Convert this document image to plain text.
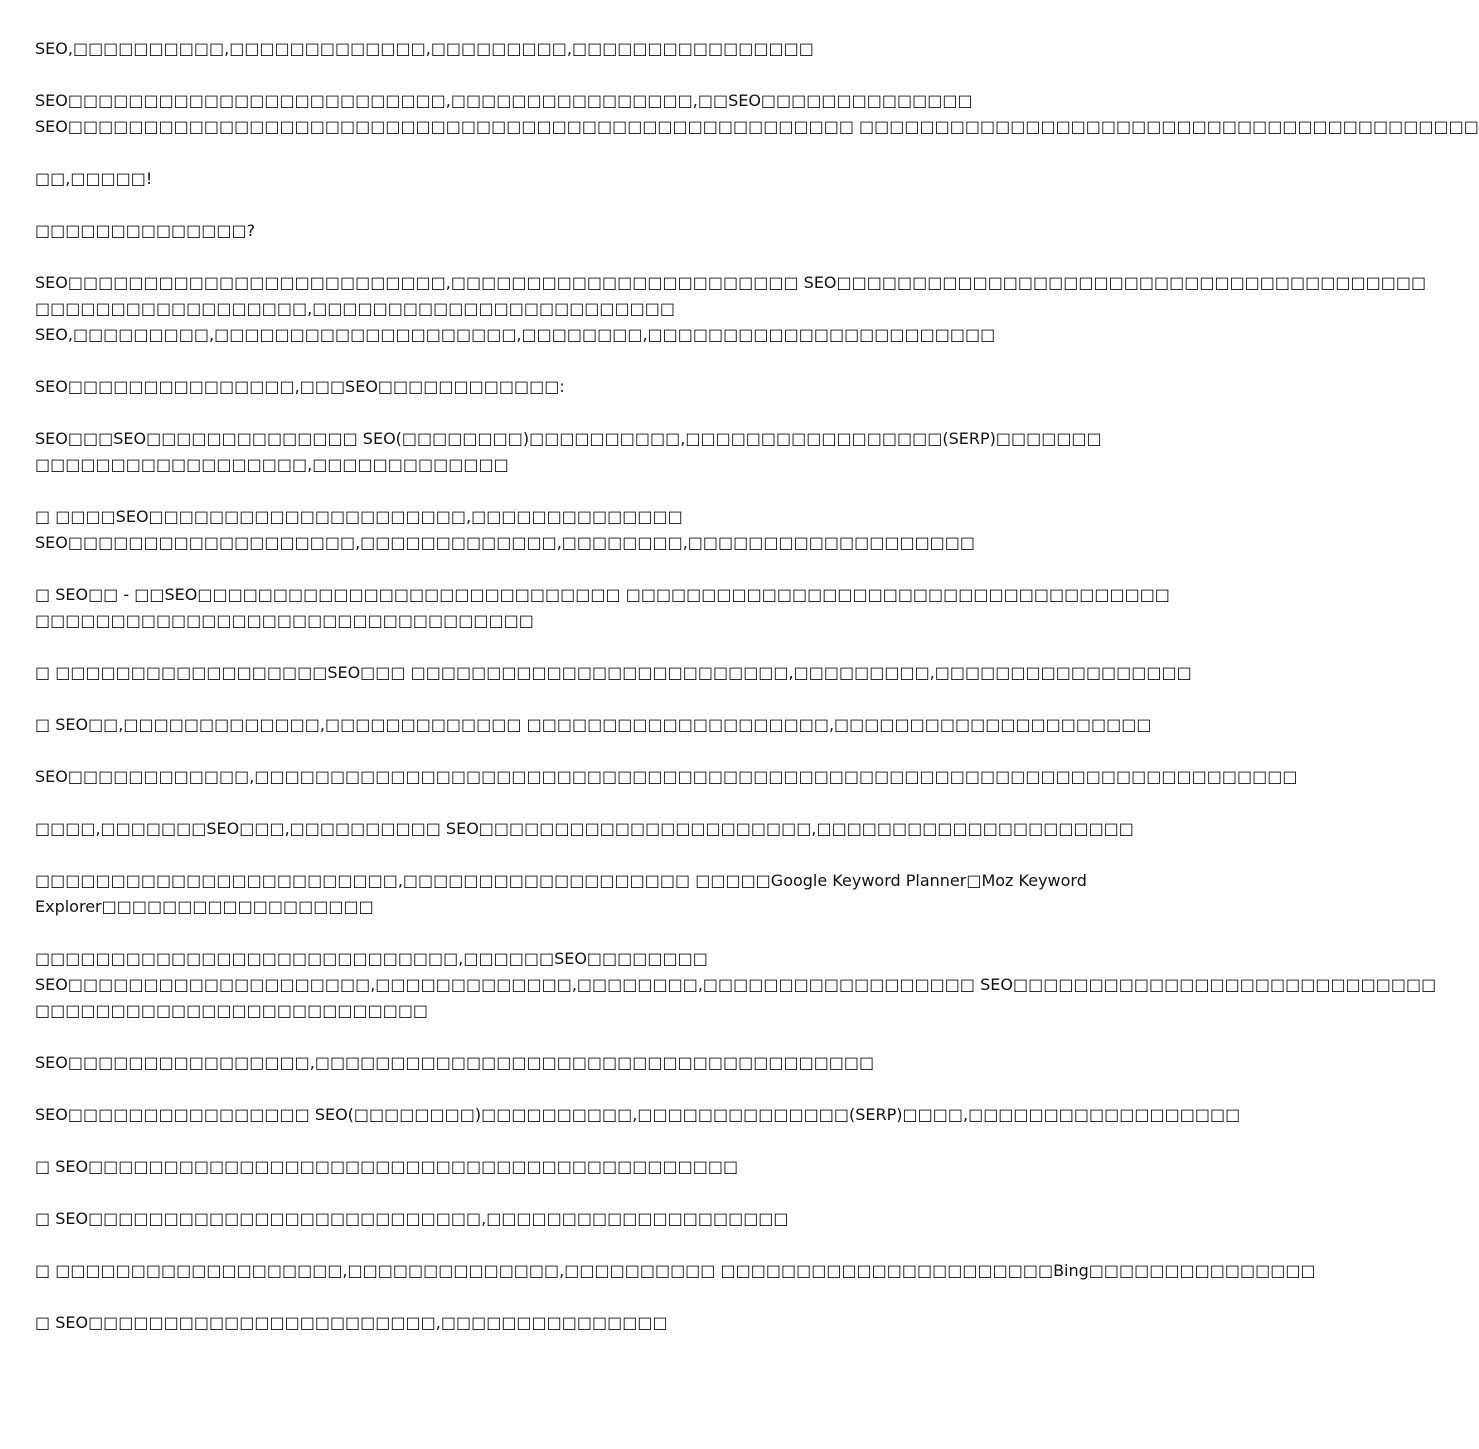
SEO,□□□□□□□□□□,□□□□□□□□□□□□□,□□□□□□□□□,□□□□□□□□□□□□□□□□
SEO□□□□□□□□□□□□□□□□□□□□□□□□□,□□□□□□□□□□□□□□□□,□□SEO□□□□□□□□□□□□□□
SEO□□□□□□□□□□□□□□□□□□□□□□□□□□□□□□□□□□□□□□□□□□□□□□□□□□□□ □□□□□□□□□□□□□□□□□□□□□□□□□□□□□□□□□□□□□□□□□
□□,□□□□□!
□□□□□□□□□□□□□□?
SEO□□□□□□□□□□□□□□□□□□□□□□□□□,□□□□□□□□□□□□□□□□□□□□□□□ SEO□□□□□□□□□□□□□□□□□□□□□□□□□□□□□□□□□□□□□□□
□□□□□□□□□□□□□□□□□□,□□□□□□□□□□□□□□□□□□□□□□□□
SEO,□□□□□□□□□,□□□□□□□□□□□□□□□□□□□□,□□□□□□□□,□□□□□□□□□□□□□□□□□□□□□□□
SEO□□□□□□□□□□□□□□□,□□□SEO□□□□□□□□□□□□:
SEO□□□SEO□□□□□□□□□□□□□□ SEO(□□□□□□□□)□□□□□□□□□□,□□□□□□□□□□□□□□□□□(SERP)□□□□□□□
□□□□□□□□□□□□□□□□□□,□□□□□□□□□□□□□
□ □□□□SEO□□□□□□□□□□□□□□□□□□□□□,□□□□□□□□□□□□□□
SEO□□□□□□□□□□□□□□□□□□□,□□□□□□□□□□□□□,□□□□□□□□,□□□□□□□□□□□□□□□□□□□
□ SEO□□ - □□SEO□□□□□□□□□□□□□□□□□□□□□□□□□□□□ □□□□□□□□□□□□□□□□□□□□□□□□□□□□□□□□□□□□
□□□□□□□□□□□□□□□□□□□□□□□□□□□□□□□□□
□ □□□□□□□□□□□□□□□□□□SEO□□□ □□□□□□□□□□□□□□□□□□□□□□□□□,□□□□□□□□□,□□□□□□□□□□□□□□□□□
□ SEO□□,□□□□□□□□□□□□□,□□□□□□□□□□□□□ □□□□□□□□□□□□□□□□□□□□,□□□□□□□□□□□□□□□□□□□□□
SEO□□□□□□□□□□□□,□□□□□□□□□□□□□□□□□□□□□□□□□□□□□□□□□□□□□□□□□□□□□□□□□□□□□□□□□□□□□□□□□□□□□
□□□□,□□□□□□□SEO□□□,□□□□□□□□□□ SEO□□□□□□□□□□□□□□□□□□□□□□,□□□□□□□□□□□□□□□□□□□□□
□□□□□□□□□□□□□□□□□□□□□□□□,□□□□□□□□□□□□□□□□□□□ □□□□□Google Keyword Planner□Moz Keyword
Explorer□□□□□□□□□□□□□□□□□□
□□□□□□□□□□□□□□□□□□□□□□□□□□□□,□□□□□□SEO□□□□□□□□
SEO□□□□□□□□□□□□□□□□□□□□,□□□□□□□□□□□□□,□□□□□□□□,□□□□□□□□□□□□□□□□□□ SEO□□□□□□□□□□□□□□□□□□□□□□□□□□□□
□□□□□□□□□□□□□□□□□□□□□□□□□□
SEO□□□□□□□□□□□□□□□□,□□□□□□□□□□□□□□□□□□□□□□□□□□□□□□□□□□□□□
SEO□□□□□□□□□□□□□□□□ SEO(□□□□□□□□)□□□□□□□□□□,□□□□□□□□□□□□□□(SERP)□□□□,□□□□□□□□□□□□□□□□□□
□ SEO□□□□□□□□□□□□□□□□□□□□□□□□□□□□□□□□□□□□□□□□□□□
□ SEO□□□□□□□□□□□□□□□□□□□□□□□□□□,□□□□□□□□□□□□□□□□□□□□
□ □□□□□□□□□□□□□□□□□□□,□□□□□□□□□□□□□□,□□□□□□□□□□ □□□□□□□□□□□□□□□□□□□□□□Bing□□□□□□□□□□□□□□□
□ SEO□□□□□□□□□□□□□□□□□□□□□□□,□□□□□□□□□□□□□□□
